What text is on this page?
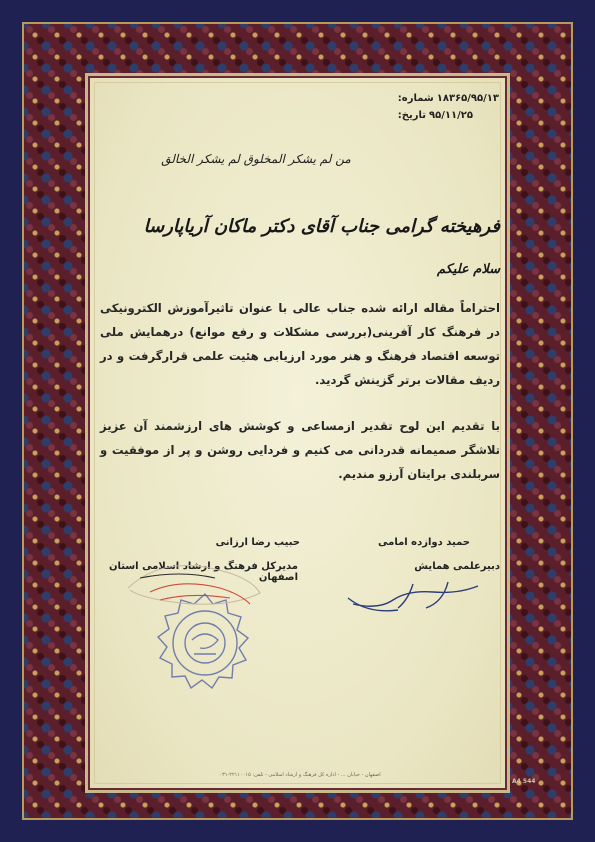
شماره: ۱۸۳۶۵/۹۵/۱۳
تاریخ: ۹۵/۱۱/۲۵
من لم یشکر المخلوق لم یشکر الخالق
فرهیخته گرامی جناب آقای دکتر ماکان آریاپارسا
سلام علیکم
احتراماً مقاله ارائه شده جناب عالی با عنوان تاثیرآموزش الکترونیکی در فرهنگ کار آفرینی(بررسی مشکلات و رفع موانع) درهمایش ملی توسعه اقتصاد فرهنگ و هنر مورد ارزیابی هئیت علمی قرارگرفت و در ردیف مقالات برتر گزینش گردید.
با تقدیم این لوح تقدیر ازمساعی و کوشش های ارزشمند آن عزیز تلاشگر صمیمانه قدردانی می کنیم و فردایی روشن و پر از موفقیت و سربلندی برایتان آرزو مندیم.
حبیب رضا ارزانی
مدیرکل فرهنگ و ارشاد اسلامی استان اصفهان
حمید دوازده امامی
دبیرعلمی همایش
اصفهان - خیابان ... - اداره کل فرهنگ و ارشاد اسلامی - تلفن: ۲۲۱۱۰۰۱۵-۰۳۱
A4 544
